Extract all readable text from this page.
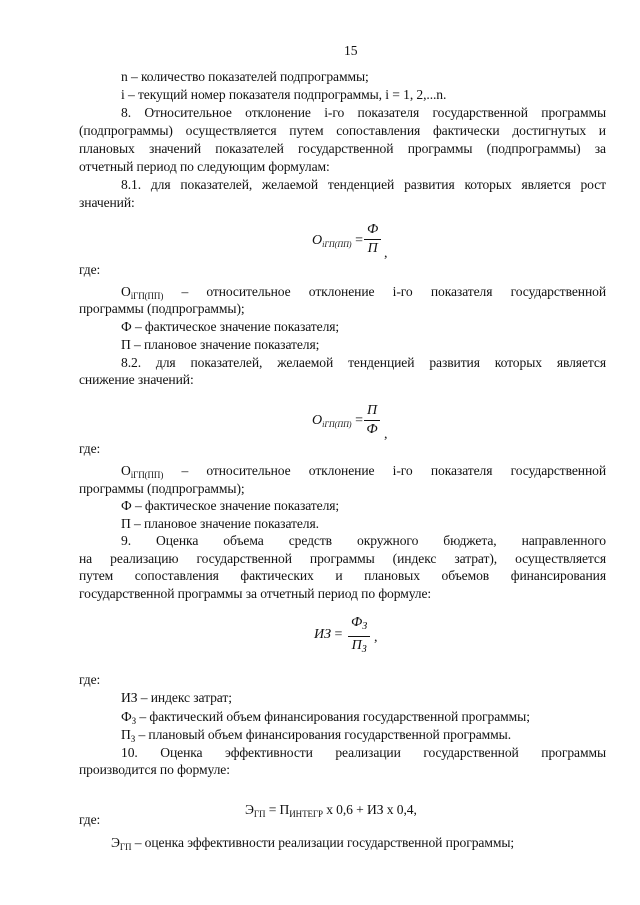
15
n – количество показателей подпрограммы;
i – текущий номер показателя подпрограммы, i = 1, 2,...n.
8. Относительное отклонение i-го показателя государственной программы
(подпрограммы) осуществляется путем сопоставления фактически достигнутых и
плановых значений показателей государственной программы (подпрограммы) за
отчетный период по следующим формулам:
8.1. для показателей, желаемой тенденцией развития которых является рост
значений:
$O_{iГП(ПП)}$ =
Ф
П ,
где:
$О_{iГП(ПП)}$ – относительное отклонение i-го показателя государственной
программы (подпрограммы);
Ф – фактическое значение показателя;
П – плановое значение показателя;
8.2. для показателей, желаемой тенденцией развития которых является
снижение значений:
$O_{iГП(ПП)}$ =
П
Ф ,
где:
$О_{iГП(ПП)}$ – относительное отклонение i-го показателя государственной
программы (подпрограммы);
Ф – фактическое значение показателя;
П – плановое значение показателя.
9. Оценка объема средств окружного бюджета, направленного
на реализацию государственной программы (индекс затрат), осуществляется
путем сопоставления фактических и плановых объемов финансирования
государственной программы за отчетный период по формуле:
ИЗ =
$Ф_З$
$П_З$
,
где:
ИЗ – индекс затрат;
$Ф_З$ – фактический объем финансирования государственной программы;
$П_З$ – плановый объем финансирования государственной программы.
10. Оценка эффективности реализации государственной программы
производится по формуле:
$Э_{ГП} = П_{ИНТЕГР}$ x 0,6 + ИЗ x 0,4,
где:
$Э_{ГП}$ – оценка эффективности реализации государственной программы;
